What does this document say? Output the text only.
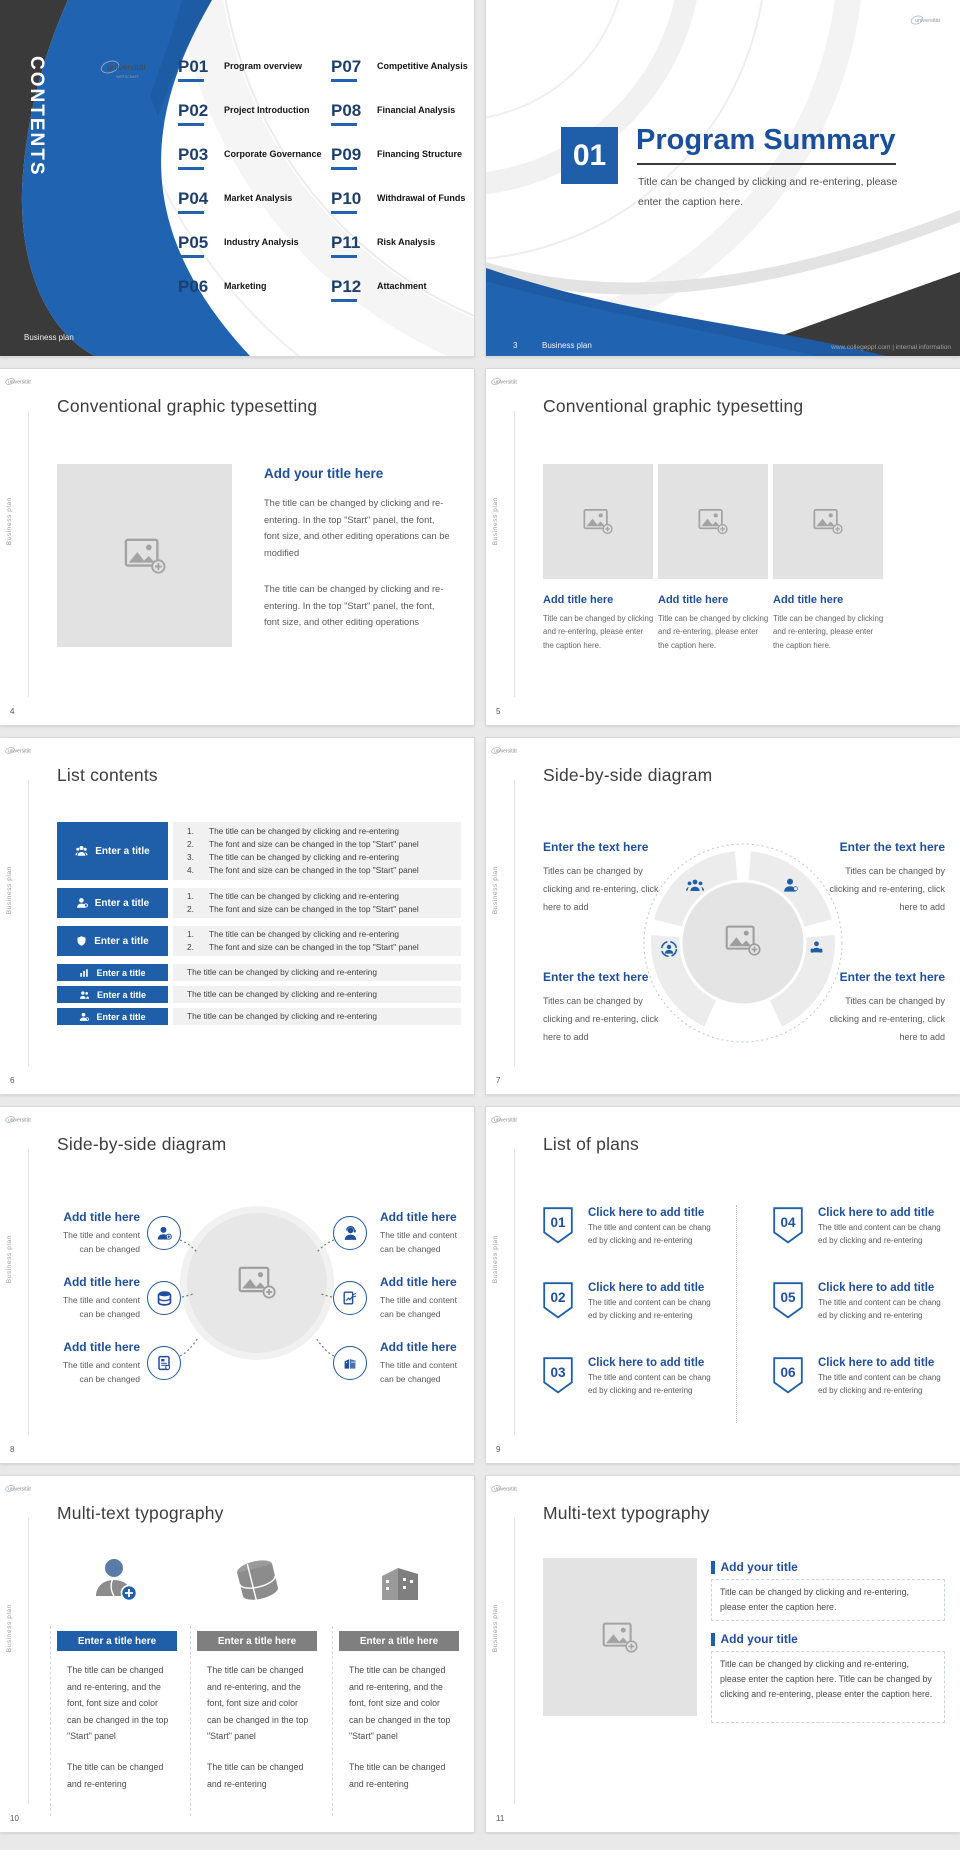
CONTENTS	universität
WIRTSCHAFT
P01	Program overview
P02	Project Introduction
P03	Corporate Governance
P04	Market Analysis
P05	Industry Analysis
P06	Marketing
P07	Competitive Analysis
P08	Financial Analysis
P09	Financing Structure
P10	Withdrawal of Funds
P11	Risk Analysis
P12	Attachment
Business plan
universität
01	Program Summary
Title can be changed by clicking and re-entering, please enter the caption here.
3	Business plan	www.collegeppt.com | internal information
universität
Business plan
4
Conventional graphic typesetting
Add your title here
The title can be changed by clicking and re-entering. In the top "Start" panel, the font, font size, and other editing operations can be modified
The title can be changed by clicking and re-entering. In the top "Start" panel, the font, font size, and other editing operations
universität
Business plan
5
Conventional graphic typesetting
Add title here	Add title here	Add title here
Title can be changed by clicking and re-entering, please enter the caption here.
Title can be changed by clicking and re-entering, please enter the caption here.
Title can be changed by clicking and re-entering, please enter the caption here.
universität
Business plan
6
List contents
Enter a title
1.	The title can be changed by clicking and re-entering
2.	The font and size can be changed in the top "Start" panel
3.	The title can be changed by clicking and re-entering
4.	The font and size can be changed in the top "Start" panel
Enter a title
1.	The title can be changed by clicking and re-entering
2.	The font and size can be changed in the top "Start" panel
Enter a title
1.	The title can be changed by clicking and re-entering
2.	The font and size can be changed in the top "Start" panel
Enter a title	The title can be changed by clicking and re-entering
Enter a title	The title can be changed by clicking and re-entering
Enter a title	The title can be changed by clicking and re-entering
universität
Business plan
7
Side-by-side diagram
Enter the text here
Titles can be changed by clicking and re-entering, click here to add
Enter the text here
Titles can be changed by clicking and re-entering, click here to add
Enter the text here
Titles can be changed by clicking and re-entering, click here to add
Enter the text here
Titles can be changed by clicking and re-entering, click here to add
universität
Business plan
8
Side-by-side diagram
Add title here
The title and content can be changed
Add title here
The title and content can be changed
Add title here
The title and content can be changed
Add title here
The title and content can be changed
Add title here
The title and content can be changed
Add title here
The title and content can be changed
universität
Business plan
9
List of plans
01
Click here to add title
The title and content can be chang
ed by clicking and re-entering
02
Click here to add title
The title and content can be chang
ed by clicking and re-entering
03
Click here to add title
The title and content can be chang
ed by clicking and re-entering
04
Click here to add title
The title and content can be chang
ed by clicking and re-entering
05
Click here to add title
The title and content can be chang
ed by clicking and re-entering
06
Click here to add title
The title and content can be chang
ed by clicking and re-entering
universität
Business plan
10
Multi-text typography
Enter a title here	Enter a title here	Enter a title here
The title can be changed and re-entering, and the font, font size and color can be changed in the top "Start" panel
The title can be changed and re-entering
The title can be changed and re-entering, and the font, font size and color can be changed in the top "Start" panel
The title can be changed and re-entering
The title can be changed and re-entering, and the font, font size and color can be changed in the top "Start" panel
The title can be changed and re-entering
universität
Business plan
11
Multi-text typography
Add your title
Title can be changed by clicking and re-entering, please enter the caption here.
Add your title
Title can be changed by clicking and re-entering, please enter the caption here. Title can be changed by clicking and re-entering, please enter the caption here.
